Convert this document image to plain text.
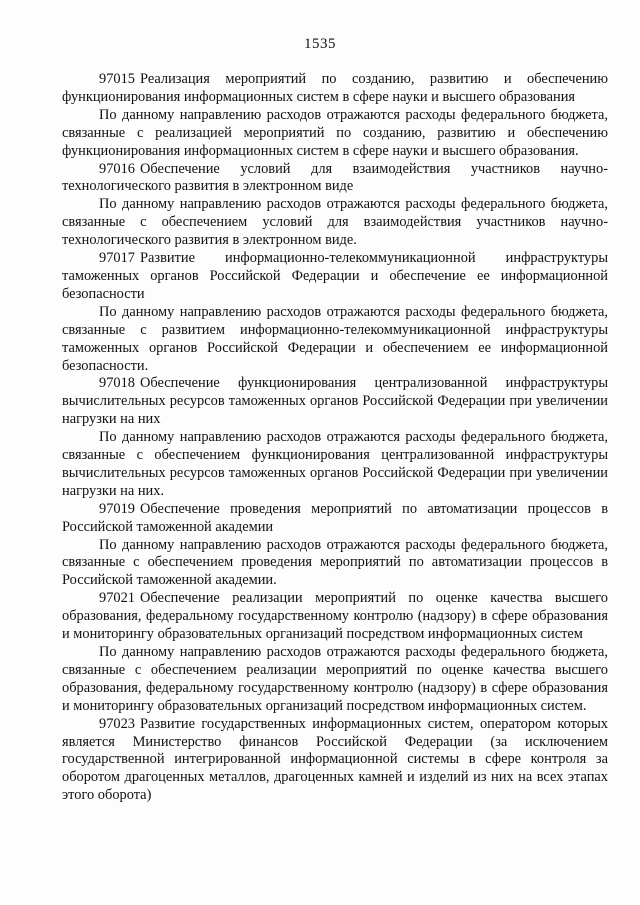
1535

97015 Реализация мероприятий по созданию, развитию и обеспечению функционирования информационных систем в сфере науки и высшего образования

По данному направлению расходов отражаются расходы федерального бюджета, связанные с реализацией мероприятий по созданию, развитию и обеспечению функционирования информационных систем в сфере науки и высшего образования.

97016 Обеспечение условий для взаимодействия участников научно-технологического развития в электронном виде

По данному направлению расходов отражаются расходы федерального бюджета, связанные с обеспечением условий для взаимодействия участников научно-технологического развития в электронном виде.

97017 Развитие информационно-телекоммуникационной инфраструктуры таможенных органов Российской Федерации и обеспечение ее информационной безопасности

По данному направлению расходов отражаются расходы федерального бюджета, связанные с развитием информационно-телекоммуникационной инфраструктуры таможенных органов Российской Федерации и обеспечением ее информационной безопасности.

97018 Обеспечение функционирования централизованной инфраструктуры вычислительных ресурсов таможенных органов Российской Федерации при увеличении нагрузки на них

По данному направлению расходов отражаются расходы федерального бюджета, связанные с обеспечением функционирования централизованной инфраструктуры вычислительных ресурсов таможенных органов Российской Федерации при увеличении нагрузки на них.

97019 Обеспечение проведения мероприятий по автоматизации процессов в Российской таможенной академии

По данному направлению расходов отражаются расходы федерального бюджета, связанные с обеспечением проведения мероприятий по автоматизации процессов в Российской таможенной академии.

97021 Обеспечение реализации мероприятий по оценке качества высшего образования, федеральному государственному контролю (надзору) в сфере образования и мониторингу образовательных организаций посредством информационных систем

По данному направлению расходов отражаются расходы федерального бюджета, связанные с обеспечением реализации мероприятий по оценке качества высшего образования, федеральному государственному контролю (надзору) в сфере образования и мониторингу образовательных организаций посредством информационных систем.

97023 Развитие государственных информационных систем, оператором которых является Министерство финансов Российской Федерации (за исключением государственной интегрированной информационной системы в сфере контроля за оборотом драгоценных металлов, драгоценных камней и изделий из них на всех этапах этого оборота)
